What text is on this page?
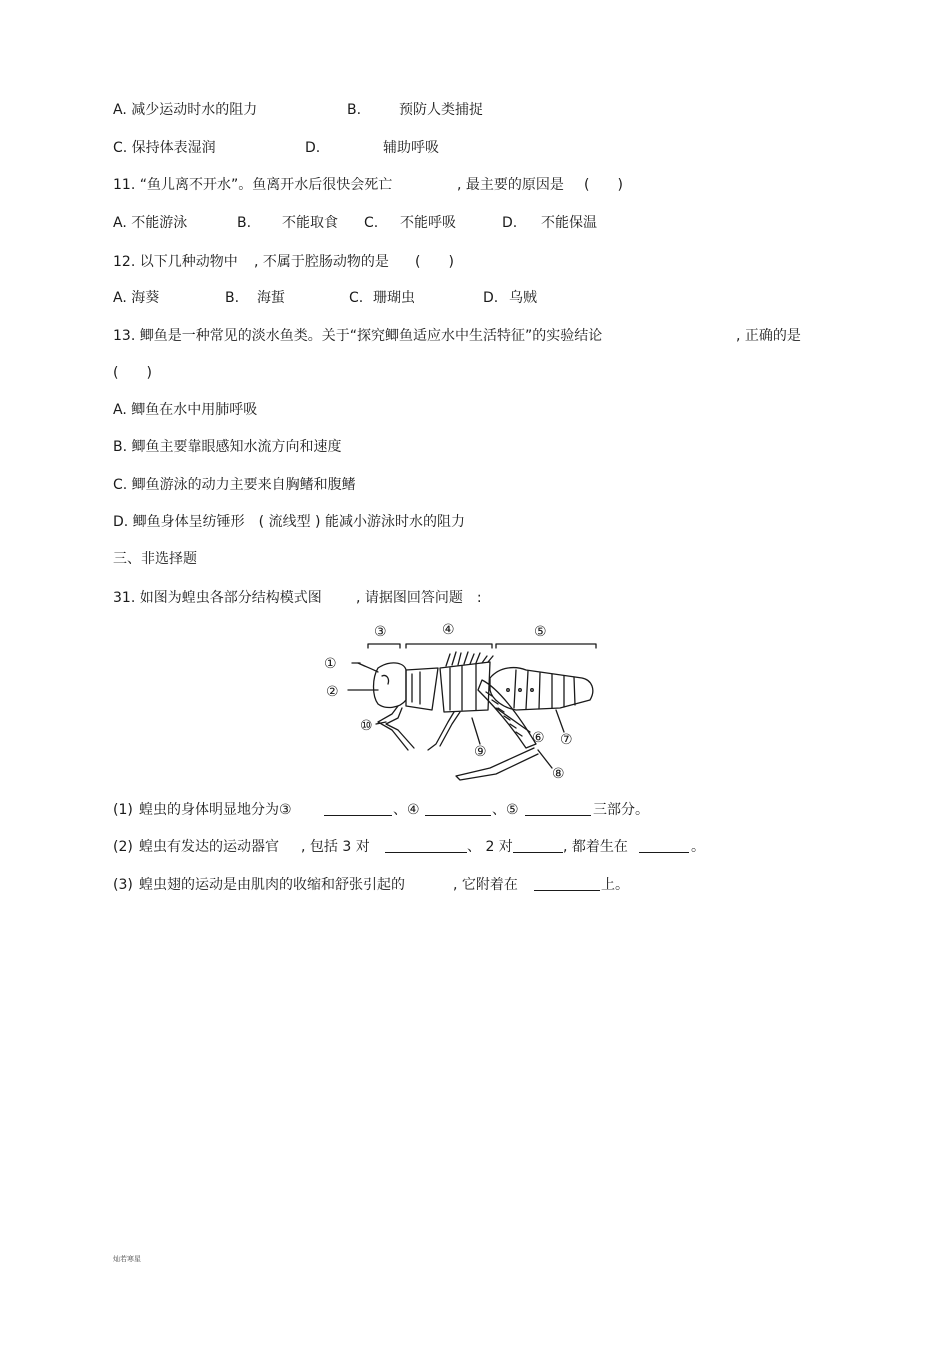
A. 减少运动时水的阻力	B.	预防人类捕捉
C. 保持体表湿润	D.	辅助呼吸
11. “鱼儿离不开水”。鱼离开水后很快会死亡	, 最主要的原因是 (　　)
A. 不能游泳	B. 不能取食 C. 不能呼吸	D. 不能保温
12. 以下几种动物中 , 不属于腔肠动物的是 (　　)
A. 海葵	B. 海蜇	C. 珊瑚虫	D. 乌贼
13. 鲫鱼是一种常见的淡水鱼类。关于“探究鲫鱼适应水中生活特征”的实验结论	, 正确的是
(　　)
A. 鲫鱼在水中用肺呼吸
B. 鲫鱼主要靠眼感知水流方向和速度
C. 鲫鱼游泳的动力主要来自胸鳍和腹鳍
D. 鲫鱼身体呈纺锤形　( 流线型 ) 能减小游泳时水的阻力
三、非选择题
31. 如图为蝗虫各部分结构模式图 , 请据图回答问题　:
①
②
③	④	⑤
⑥ ⑦
⑧
⑨
⑩
(1) 蝗虫的身体明显地分为③	、④	、⑤	三部分。
(2) 蝗虫有发达的运动器官 , 包括 3 对	、 2 对	, 都着生在	。
(3) 蝗虫翅的运动是由肌肉的收缩和舒张引起的	, 它附着在	上。
灿若寒星
